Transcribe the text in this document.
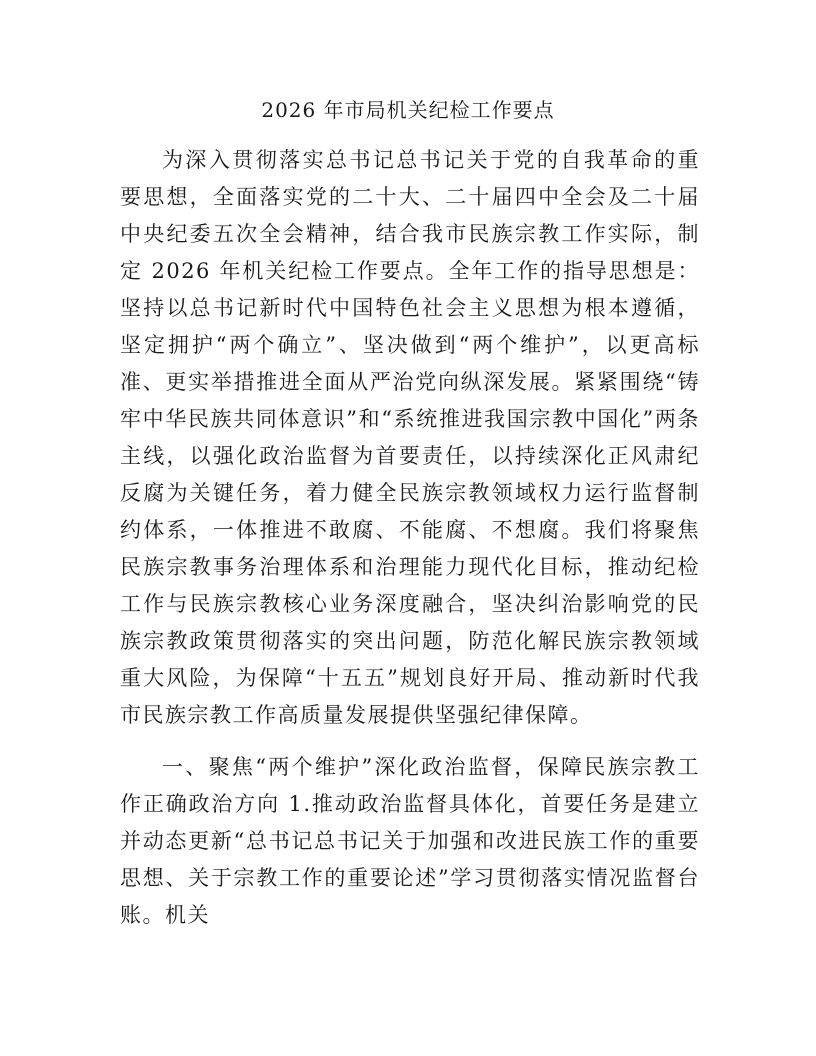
2026 年市局机关纪检工作要点

为深入贯彻落实总书记总书记关于党的自我革命的重要思想，全面落实党的二十大、二十届四中全会及二十届中央纪委五次全会精神，结合我市民族宗教工作实际，制定 2026 年机关纪检工作要点。全年工作的指导思想是：坚持以总书记新时代中国特色社会主义思想为根本遵循，坚定拥护“两个确立”、坚决做到“两个维护”，以更高标准、更实举措推进全面从严治党向纵深发展。紧紧围绕“铸牢中华民族共同体意识”和“系统推进我国宗教中国化”两条主线，以强化政治监督为首要责任，以持续深化正风肃纪反腐为关键任务，着力健全民族宗教领域权力运行监督制约体系，一体推进不敢腐、不能腐、不想腐。我们将聚焦民族宗教事务治理体系和治理能力现代化目标，推动纪检工作与民族宗教核心业务深度融合，坚决纠治影响党的民族宗教政策贯彻落实的突出问题，防范化解民族宗教领域重大风险，为保障“十五五”规划良好开局、推动新时代我市民族宗教工作高质量发展提供坚强纪律保障。

一、聚焦“两个维护”深化政治监督，保障民族宗教工作正确政治方向 1.推动政治监督具体化，首要任务是建立并动态更新“总书记总书记关于加强和改进民族工作的重要思想、关于宗教工作的重要论述”学习贯彻落实情况监督台账。机关
